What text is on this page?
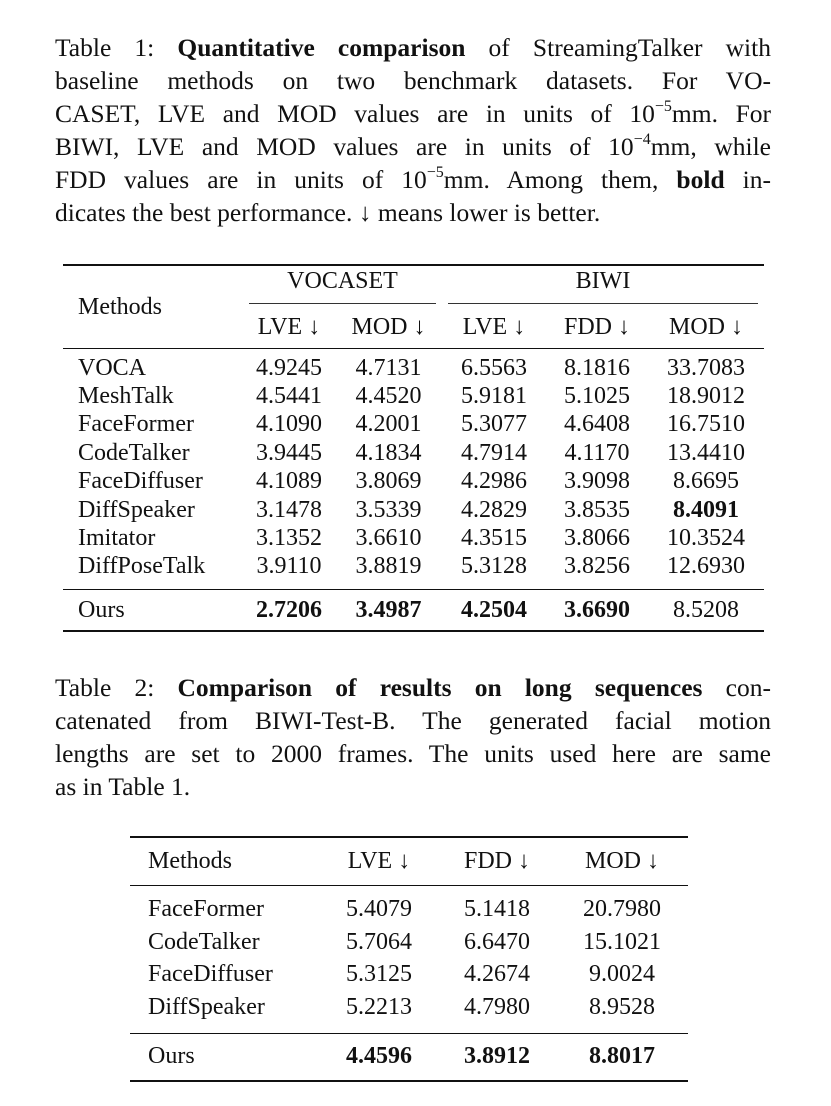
Table 1: Quantitative comparison of StreamingTalker with
baseline methods on two benchmark datasets. For VO-
CASET, LVE and MOD values are in units of $10^{-5}mm$. For
BIWI, LVE and MOD values are in units of $10^{-4}mm$, while
FDD values are in units of $10^{-5}mm$. Among them, bold in-
dicates the best performance. ↓ means lower is better.
Methods	VOCASET		BIWI		

	LVE ↓	MOD ↓	LVE ↓	FDD ↓	MOD ↓
VOCA	4.9245	4.7131	6.5563	8.1816	33.7083
MeshTalk	4.5441	4.4520	5.9181	5.1025	18.9012
FaceFormer	4.1090	4.2001	5.3077	4.6408	16.7510
CodeTalker	3.9445	4.1834	4.7914	4.1170	13.4410
FaceDiffuser	4.1089	3.8069	4.2986	3.9098	8.6695
DiffSpeaker	3.1478	3.5339	4.2829	3.8535	8.4091
Imitator	3.1352	3.6610	4.3515	3.8066	10.3524
DiffPoseTalk	3.9110	3.8819	5.3128	3.8256	12.6930
Ours	2.7206	3.4987	4.2504	3.6690	8.5208
Table 2: Comparison of results on long sequences con-
catenated from BIWI-Test-B. The generated facial motion
lengths are set to 2000 frames. The units used here are same
as in Table 1.
Methods	LVE ↓	FDD ↓	MOD ↓
FaceFormer	5.4079	5.1418	20.7980
CodeTalker	5.7064	6.6470	15.1021
FaceDiffuser	5.3125	4.2674	9.0024
DiffSpeaker	5.2213	4.7980	8.9528
Ours	4.4596	3.8912	8.8017
